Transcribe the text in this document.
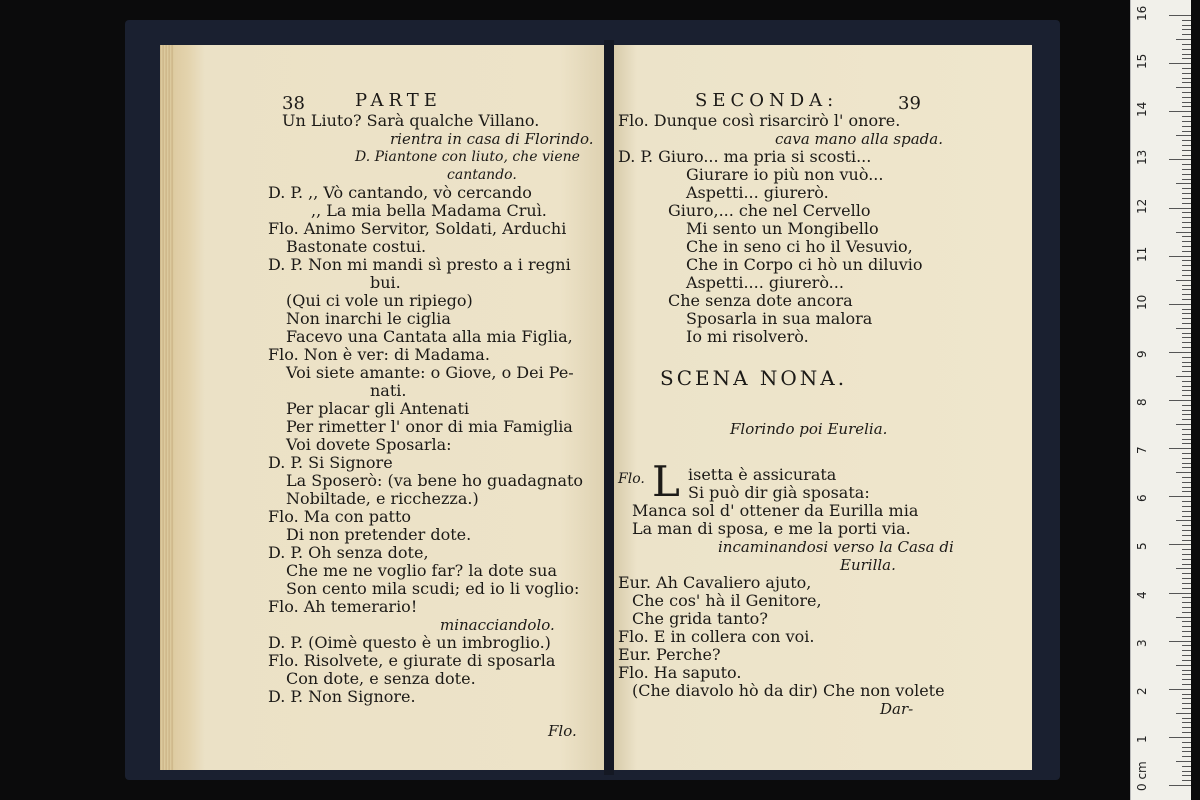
38	PARTE
Un Liuto? Sarà qualche Villano.
rientra in casa di Florindo.
D. Piantone con liuto, che viene
cantando.
D. P. ,, Vò cantando, vò cercando
,, La mia bella Madama Cruì.
Flo. Animo Servitor, Soldati, Arduchi
Bastonate costui.
D. P. Non mi mandi sì presto a i regni
bui.
(Qui ci vole un ripiego)
Non inarchi le ciglia
Facevo una Cantata alla mia Figlia,
Flo. Non è ver: di Madama.
Voi siete amante: o Giove, o Dei Pe-
nati.
Per placar gli Antenati
Per rimetter l' onor di mia Famiglia
Voi dovete Sposarla:
D. P. Si Signore
La Sposerò: (va bene ho guadagnato
Nobiltade, e ricchezza.)
Flo. Ma con patto
Di non pretender dote.
D. P. Oh senza dote,
Che me ne voglio far? la dote sua
Son cento mila scudi; ed io li voglio:
Flo. Ah temerario!
minacciandolo.
D. P. (Oimè questo è un imbroglio.)
Flo. Risolvete, e giurate di sposarla
Con dote, e senza dote.
D. P. Non Signore.
Flo.
SECONDA:	39
Flo. Dunque così risarcirò l' onore.
cava mano alla spada.
D. P. Giuro... ma pria si scosti...
Giurare io più non vuò...
Aspetti... giurerò.
Giuro,... che nel Cervello
Mi sento un Mongibello
Che in seno ci ho il Vesuvio,
Che in Corpo ci hò un diluvio
Aspetti.... giurerò...
Che senza dote ancora
Sposarla in sua malora
Io mi risolverò.
SCENA NONA.
Florindo poi Eurelia.
Flo. L isetta è assicurata
Si può dir già sposata:
Manca sol d' ottener da Eurilla mia
La man di sposa, e me la porti via.
incaminandosi verso la Casa di
Eurilla.
Eur. Ah Cavaliero ajuto,
Che cos' hà il Genitore,
Che grida tanto?
Flo. E in collera con voi.
Eur. Perche?
Flo. Ha saputo.
(Che diavolo hò da dir) Che non volete
Dar-
0 cm
1
2
3
4
5
6
7
8
9
10
11
12
13
14
15
16
